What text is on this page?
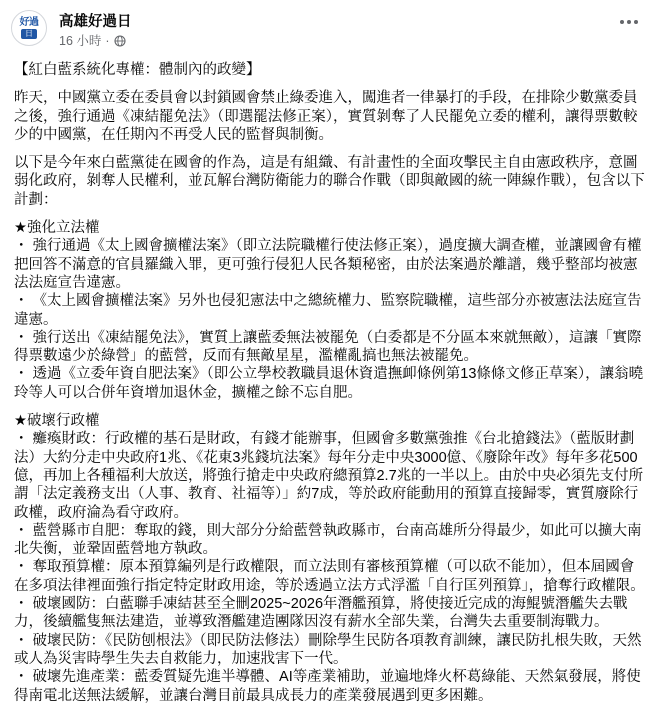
好過
日
高雄好過日
16 小時 ·

【紅白藍系統化專權：體制內的政變】

昨天，中國黨立委在委員會以封鎖國會禁止綠委進入，闖進者一律暴打的手段，在排除少數黨委員之後，強行通過《凍結罷免法》（即選罷法修正案），實質剝奪了人民罷免立委的權利，讓得票數較少的中國黨，在任期內不再受人民的監督與制衡。

以下是今年來白藍黨徒在國會的作為，這是有組織、有計畫性的全面攻擊民主自由憲政秩序，意圖弱化政府，剝奪人民權利，並瓦解台灣防衛能力的聯合作戰（即與敵國的統一陣線作戰），包含以下計劃：

★強化立法權

・ 強行通過《太上國會擴權法案》（即立法院職權行使法修正案），過度擴大調查權，並讓國會有權把回答不滿意的官員羅織入罪，更可強行侵犯人民各類秘密，由於法案過於離譜，幾乎整部均被憲法法庭宣告違憲。

・ 《太上國會擴權法案》另外也侵犯憲法中之總統權力、監察院職權，這些部分亦被憲法法庭宣告違憲。

・ 強行送出《凍結罷免法》，實質上讓藍委無法被罷免（白委都是不分區本來就無敵），這讓「實際得票數遠少於綠營」的藍營，反而有無敵星星，濫權亂搞也無法被罷免。

・ 透過《立委年資自肥法案》（即公立學校教職員退休資遣撫卹條例第13條條文修正草案），讓翁曉玲等人可以合併年資增加退休金，擴權之餘不忘自肥。

★破壞行政權

・ 癱瘓財政：行政權的基石是財政，有錢才能辦事，但國會多數黨強推《台北搶錢法》（藍版財劃法）大約分走中央政府1兆、《花東3兆錢坑法案》每年分走中央3000億、《廢除年改》每年多花500億，再加上各種福利大放送，將強行搶走中央政府總預算2.7兆的一半以上。由於中央必須先支付所謂「法定義務支出（人事、教育、社福等）」約7成，等於政府能動用的預算直接歸零，實質廢除行政權，政府淪為看守政府。

・ 藍營縣市自肥：奪取的錢，則大部分分給藍營執政縣市，台南高雄所分得最少，如此可以擴大南北失衡，並鞏固藍營地方執政。

・ 奪取預算權：原本預算編列是行政權限，而立法則有審核預算權（可以砍不能加），但本屆國會在多項法律裡面強行指定特定財政用途，等於透過立法方式浮濫「自行匡列預算」，搶奪行政權限。

・ 破壞國防：白藍聯手凍結甚至全刪2025~2026年潛艦預算，將使接近完成的海鯤號潛艦失去戰力，後續艦隻無法建造，並導致潛艦建造團隊因沒有薪水全部失業，台灣失去重要制海戰力。

・ 破壞民防：《民防刨根法》（即民防法修法）刪除學生民防各項教育訓練，讓民防扎根失敗，天然或人為災害時學生失去自救能力，加速戕害下一代。

・ 破壞先進產業：藍委質疑先進半導體、AI等產業補助，並遍地烽火杯葛綠能、天然氣發展，將使得南電北送無法緩解，並讓台灣目前最具成長力的產業發展遇到更多困難。
